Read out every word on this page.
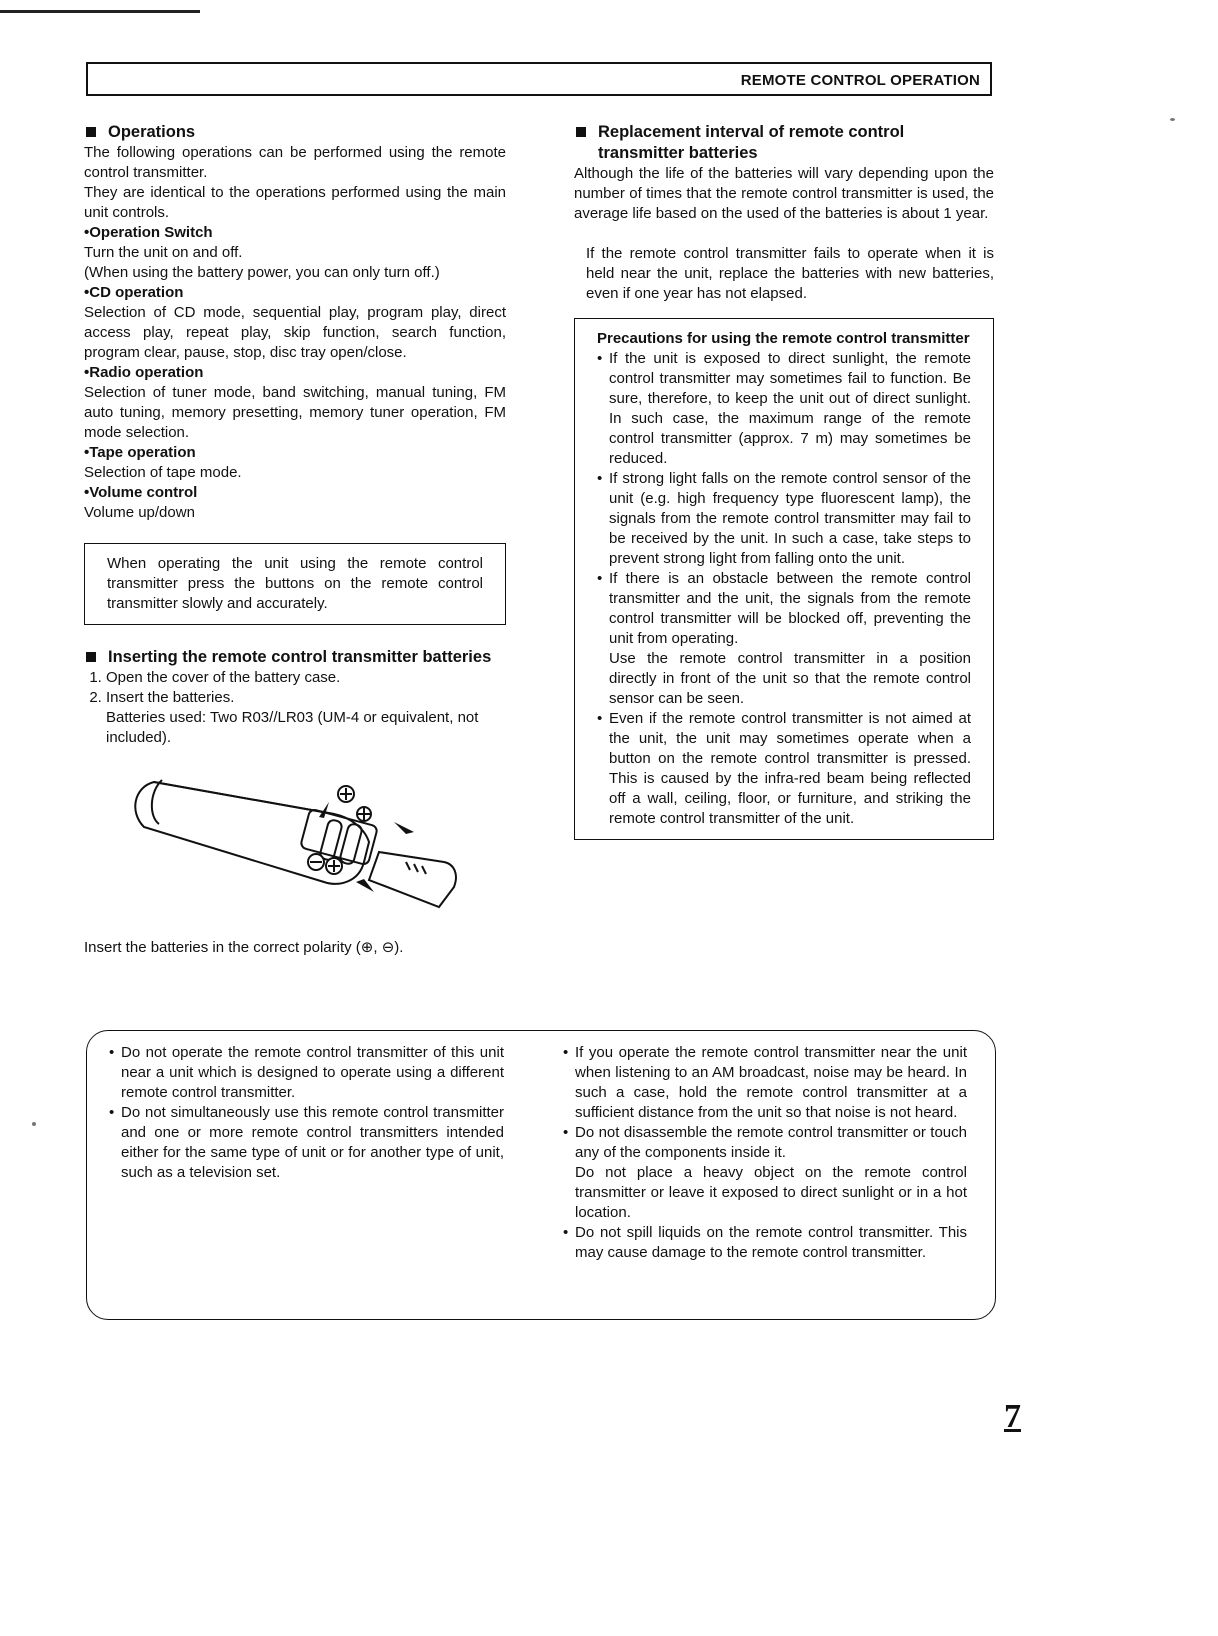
REMOTE CONTROL OPERATION
Operations

The following operations can be performed using the remote control transmitter.

They are identical to the operations performed using the main unit controls.

•Operation Switch

Turn the unit on and off.

(When using the battery power, you can only turn off.)

•CD operation

Selection of CD mode, sequential play, program play, direct access play, repeat play, skip function, search function, program clear, pause, stop, disc tray open/close.

•Radio operation

Selection of tuner mode, band switching, manual tuning, FM auto tuning, memory presetting, memory tuner operation, FM mode selection.

•Tape operation

Selection of tape mode.

•Volume control

Volume up/down

When operating the unit using the remote control transmitter press the buttons on the remote control transmitter slowly and accurately.

Inserting the remote control transmitter batteries
1. Open the cover of the battery case.
2. Insert the batteries.
Batteries used: Two R03//LR03 (UM-4 or equivalent, not included).

Insert the batteries in the correct polarity (⊕, ⊖).

Replacement interval of remote control transmitter batteries

Although the life of the batteries will vary depending upon the number of times that the remote control transmitter is used, the average life based on the used of the batteries is about 1 year.

If the remote control transmitter fails to operate when it is held near the unit, replace the batteries with new batteries, even if one year has not elapsed.

Precautions for using the remote control transmitter

• If the unit is exposed to direct sunlight, the remote control transmitter may sometimes fail to function. Be sure, therefore, to keep the unit out of direct sunlight. In such case, the maximum range of the remote control transmitter (approx. 7 m) may sometimes be reduced.
• If strong light falls on the remote control sensor of the unit (e.g. high frequency type fluorescent lamp), the signals from the remote control transmitter may fail to be received by the unit. In such a case, take steps to prevent strong light from falling onto the unit.
• If there is an obstacle between the remote control transmitter and the unit, the signals from the remote control transmitter will be blocked off, preventing the unit from operating.
Use the remote control transmitter in a position directly in front of the unit so that the remote control sensor can be seen.
• Even if the remote control transmitter is not aimed at the unit, the unit may sometimes operate when a button on the remote control transmitter is pressed. This is caused by the infra-red beam being reflected off a wall, ceiling, floor, or furniture, and striking the remote control transmitter of the unit.
• Do not operate the remote control transmitter of this unit near a unit which is designed to operate using a different remote control transmitter.
• Do not simultaneously use this remote control transmitter and one or more remote control transmitters intended either for the same type of unit or for another type of unit, such as a television set.
• If you operate the remote control transmitter near the unit when listening to an AM broadcast, noise may be heard. In such a case, hold the remote control transmitter at a sufficient distance from the unit so that noise is not heard.
• Do not disassemble the remote control transmitter or touch any of the components inside it.
Do not place a heavy object on the remote control transmitter or leave it exposed to direct sunlight or in a hot location.
• Do not spill liquids on the remote control transmitter. This may cause damage to the remote control transmitter.
7
